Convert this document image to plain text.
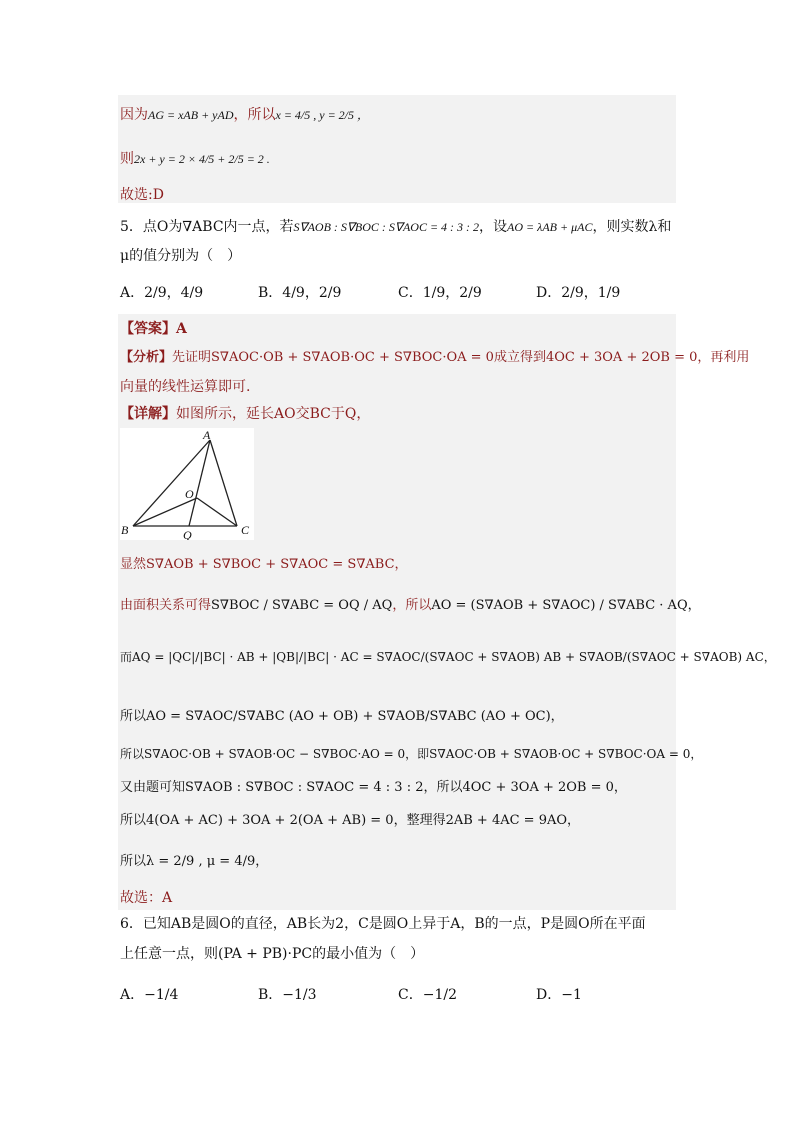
因为AG = xAB + yAD，所以x = 4/5 , y = 2/5 ，
则2x + y = 2 × 4/5 + 2/5 = 2 .
故选:D
5．点O为∇ABC内一点，若S∇AOB : S∇BOC : S∇AOC = 4 : 3 : 2，设AO = λAB + μAC，则实数λ和
μ的值分别为（　）
A．2/9，4/9	B．4/9，2/9	C．1/9，2/9	D．2/9，1/9
【答案】A
【分析】先证明S∇AOC·OB + S∇AOB·OC + S∇BOC·OA = 0成立得到4OC + 3OA + 2OB = 0，再利用
向量的线性运算即可.
【详解】如图所示，延长AO交BC于Q，
A
B	C
O
Q
显然S∇AOB + S∇BOC + S∇AOC = S∇ABC，
由面积关系可得S∇BOC / S∇ABC = OQ / AQ，所以AO = (S∇AOB + S∇AOC) / S∇ABC · AQ，
而AQ = |QC|/|BC| · AB + |QB|/|BC| · AC = S∇AOC/(S∇AOC + S∇AOB) AB + S∇AOB/(S∇AOC + S∇AOB) AC，
所以AO = S∇AOC/S∇ABC (AO + OB) + S∇AOB/S∇ABC (AO + OC)，
所以S∇AOC·OB + S∇AOB·OC − S∇BOC·AO = 0，即S∇AOC·OB + S∇AOB·OC + S∇BOC·OA = 0，
又由题可知S∇AOB : S∇BOC : S∇AOC = 4 : 3 : 2，所以4OC + 3OA + 2OB = 0，
所以4(OA + AC) + 3OA + 2(OA + AB) = 0，整理得2AB + 4AC = 9AO，
所以λ = 2/9 , μ = 4/9，
故选：A
6．已知AB是圆O的直径，AB长为2，C是圆O上异于A，B的一点，P是圆O所在平面
上任意一点，则(PA + PB)·PC的最小值为（　）
A．−1/4	B．−1/3	C．−1/2	D．−1
